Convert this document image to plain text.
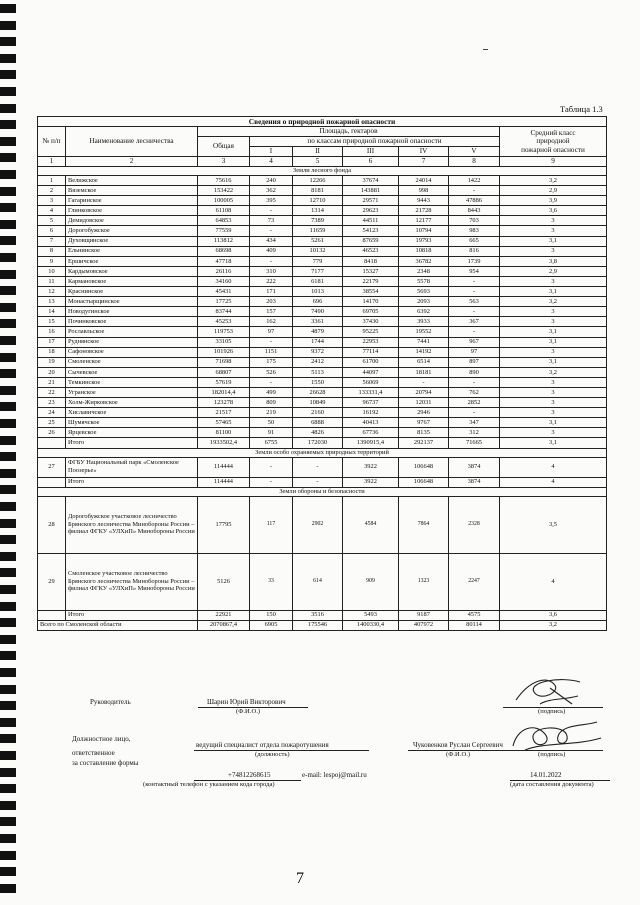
Таблица 1.3
Сведения о природной пожарной опасности								
№ п/п	Наименование лесничества	Площадь, гектаров						Средний класс
природной
пожарной опасности
		Общая	по классам природной пожарной опасности					
			I	II	III	IV	V	
1	2	3	4	5	6	7	8	9
Земли лесного фонда								
1	Велижское	75616	240	12266	37674	24014	1422	3,2
2	Вяземское	153422	362	8181	143881	998	-	2,9
3	Гагаринское	100005	395	12710	29571	9443	47886	3,9
4	Глинковское	61108	-	1314	29623	21728	8443	3,6
5	Демидовское	64853	73	7389	44511	12177	703	3
6	Дорогобужское	77559	-	11659	54123	10794	983	3
7	Духовщинское	113812	434	5261	87659	19793	665	3,1
8	Ельнинское	68698	409	10132	46523	10818	816	3
9	Ершичское	47718	-	779	8418	36782	1739	3,8
10	Кардымовское	26116	310	7177	15327	2348	954	2,9
11	Кармановское	34160	222	6181	22179	5578	-	3
12	Краснинское	45431	171	1013	38554	5693	-	3,1
13	Монастырщинское	17725	203	696	14170	2093	563	3,2
14	Новодугинское	83744	157	7490	69705	6392	-	3
15	Починковское	45253	162	3361	37430	3933	367	3
16	Рославльское	119753	97	4879	95225	19552	-	3,1
17	Руднянское	33105	-	1744	22953	7441	967	3,1
18	Сафоновское	101926	1151	9372	77114	14192	97	3
19	Смоленское	71698	175	2412	61700	6514	897	3,1
20	Сычевское	68807	526	5113	44097	18181	890	3,2
21	Темкинское	57619	-	1550	56069	-	-	3
22	Угранское	182014,4	499	26628	133331,4	20794	762	3
23	Холм-Жирковское	123278	809	10849	96737	12031	2852	3
24	Хиславичское	21517	219	2160	16192	2946	-	3
25	Шумячское	57465	50	6888	40413	9767	347	3,1
26	Ярцевское	81100	91	4826	67736	8135	312	3
	Итого	1933502,4	6755	172030	1390915,4	292137	71665	3,1
Земли особо охраняемых природных территорий								
27	ФГБУ Национальный парк «Смоленское Поозерье»	114444	-	-	3922	106648	3874	4
	Итого	114444	-	-	3922	106648	3874	4
Земли обороны и безопасности								
28	Дорогобужское участковое лесничество Брянского лесничества Минобороны России – филиал ФГКУ «УЛХиП» Минобороны России	17795	117	2902	4584	7864	2328	3,5
29	Смоленское участковое лесничество Брянского лесничества Минобороны России – филиал ФГКУ «УЛХиП» Минобороны России	5126	33	614	909	1323	2247	4
	Итого	22921	150	3516	5493	9187	4575	3,6
Всего по Смоленской области		2070867,4	6905	175546	1400330,4	407972	80114	3,2
Руководитель	Шарин Юрий Викторович
(Ф.И.О.)	(подпись)
Должностное лицо,
ответственное
за составление формы
ведущий специалист отдела пожаротушения
(должность)
Чуковенков Руслан Сергеевич
(Ф.И.О.)	(подпись)
+74812268615	e-mail: lespoj@mail.ru
(контактный телефон с указанием кода города)
14.01.2022
(дата составления документа)
7
